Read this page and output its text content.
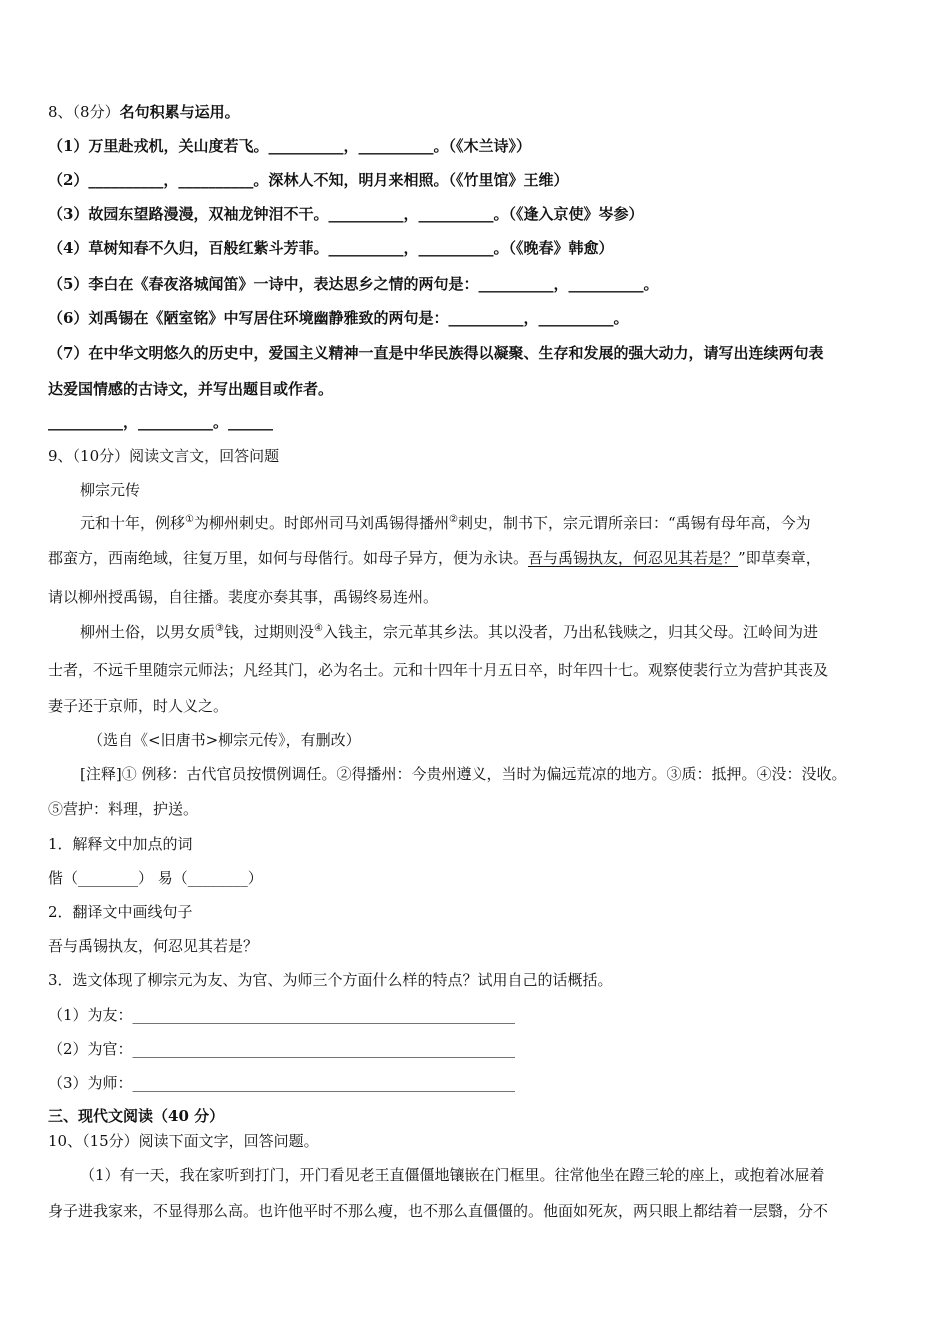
8、（8分）名句积累与运用。
（1）万里赴戎机，关山度若飞。__________，__________。（《木兰诗》）
（2）__________，__________。深林人不知，明月来相照。（《竹里馆》王维）
（3）故园东望路漫漫，双袖龙钟泪不干。__________，__________。（《逢入京使》岑参）
（4）草树知春不久归，百般红紫斗芳菲。__________，__________。（《晚春》韩愈）
（5）李白在《春夜洛城闻笛》一诗中，表达思乡之情的两句是：__________，__________。
（6）刘禹锡在《陋室铭》中写居住环境幽静雅致的两句是：__________，__________。
（7）在中华文明悠久的历史中，爱国主义精神一直是中华民族得以凝聚、生存和发展的强大动力，请写出连续两句表
达爱国情感的古诗文，并写出题目或作者。
__________，__________。______
9、（10分）阅读文言文，回答问题
柳宗元传
元和十年，例移①为柳州刺史。时郎州司马刘禹锡得播州②刺史，制书下，宗元谓所亲曰：“禹锡有母年高，今为
郡蛮方，西南绝域，往复万里，如何与母偕行。如母子异方，便为永诀。吾与禹锡执友，何忍见其若是？”即草奏章，
请以柳州授禹锡，自往播。裴度亦奏其事，禹锡终易连州。
柳州土俗，以男女质③钱，过期则没④入钱主，宗元革其乡法。其以没者，乃出私钱赎之，归其父母。江岭间为进
士者，不远千里随宗元师法；凡经其门，必为名士。元和十四年十月五日卒，时年四十七。观察使裴行立为营护其丧及
妻子还于京师，时人义之。
（选自《<旧唐书>柳宗元传》，有删改）
[注释]① 例移：古代官员按惯例调任。②得播州：今贵州遵义，当时为偏远荒凉的地方。③质：抵押。④没：没收。
⑤营护：料理，护送。
1．解释文中加点的词
偕（________） 易（________）
2．翻译文中画线句子
吾与禹锡执友，何忍见其若是？
3．选文体现了柳宗元为友、为官、为师三个方面什么样的特点？试用自己的话概括。
（1）为友：___________________________________________________
（2）为官：___________________________________________________
（3）为师：___________________________________________________
三、现代文阅读（40 分）
10、（15分）阅读下面文字，回答问题。
（1）有一天，我在家听到打门，开门看见老王直僵僵地镶嵌在门框里。往常他坐在蹬三轮的座上，或抱着冰屉着
身子进我家来，不显得那么高。也许他平时不那么瘦，也不那么直僵僵的。他面如死灰，两只眼上都结着一层翳，分不
